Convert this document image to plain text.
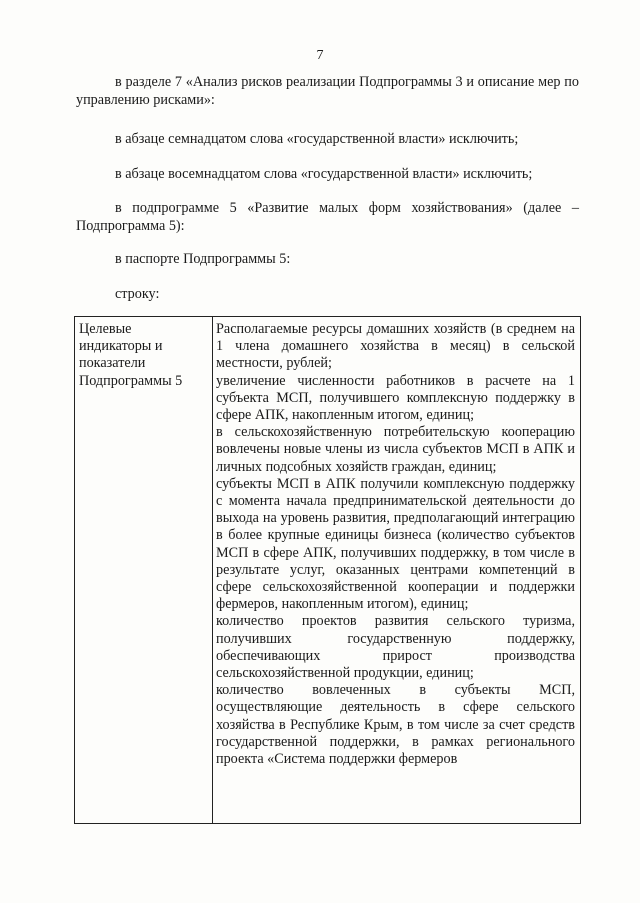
7

в разделе 7 «Анализ рисков реализации Подпрограммы 3 и описание мер по управлению рисками»:

в абзаце семнадцатом слова «государственной власти» исключить;

в абзаце восемнадцатом слова «государственной власти» исключить;

в подпрограмме 5 «Развитие малых форм хозяйствования» (далее – Подпрограмма 5):

в паспорте Подпрограммы 5:

строку:

Целевые
индикаторы и
показатели
Подпрограммы 5
Располагаемые ресурсы домашних хозяйств (в среднем на 1 члена домашнего хозяйства в месяц) в сельской местности, рублей;
увеличение численности работников в расчете на 1 субъекта МСП, получившего комплексную поддержку в сфере АПК, накопленным итогом, единиц;
в сельскохозяйственную потребительскую кооперацию вовлечены новые члены из числа субъектов МСП в АПК и личных подсобных хозяйств граждан, единиц;
субъекты МСП в АПК получили комплексную поддержку с момента начала предпринимательской деятельности до выхода на уровень развития, предполагающий интеграцию в более крупные единицы бизнеса (количество субъектов МСП в сфере АПК, получивших поддержку, в том числе в результате услуг, оказанных центрами компетенций в сфере сельскохозяйственной кооперации и поддержки фермеров, накопленным итогом), единиц;
количество проектов развития сельского туризма, получивших государственную поддержку, обеспечивающих прирост производства сельскохозяйственной продукции, единиц;
количество вовлеченных в субъекты МСП, осуществляющие деятельность в сфере сельского хозяйства в Республике Крым, в том числе за счет средств государственной поддержки, в рамках регионального проекта «Система поддержки фермеров
